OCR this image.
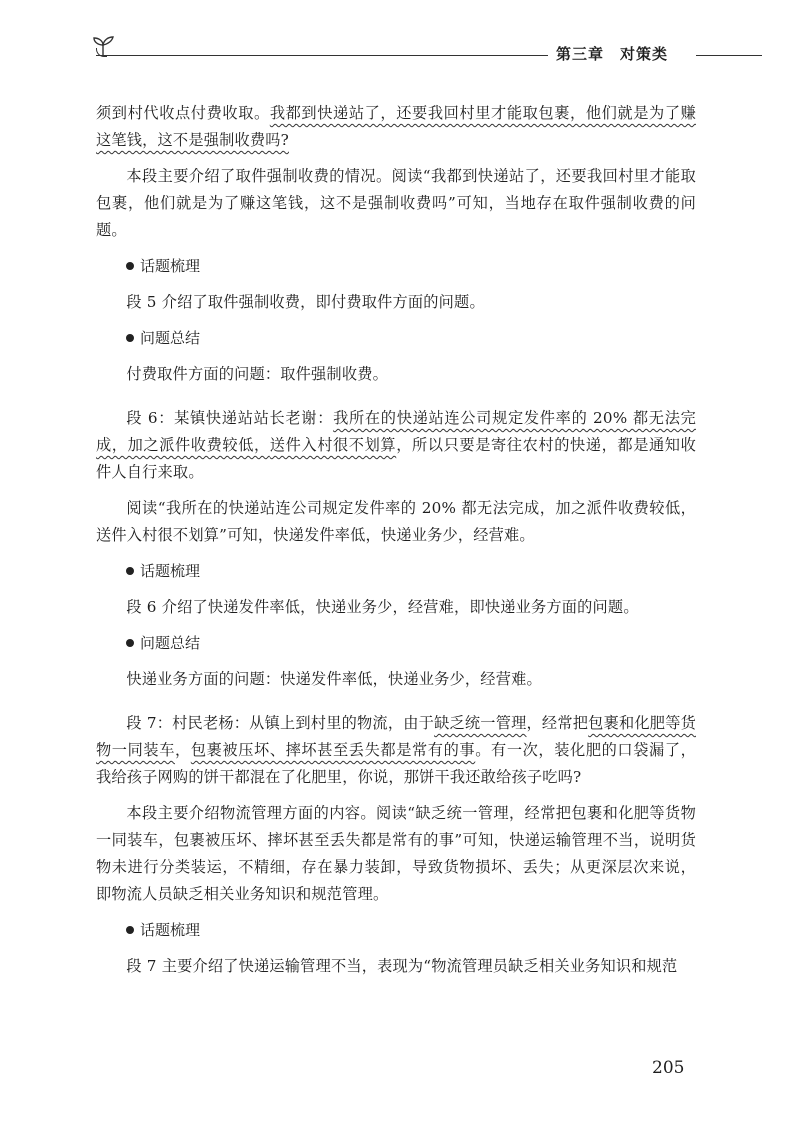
第三章　对策类

须到村代收点付费收取。我都到快递站了，还要我回村里才能取包裹，他们就是为了赚这笔钱，这不是强制收费吗?

本段主要介绍了取件强制收费的情况。阅读“我都到快递站了，还要我回村里才能取包裹，他们就是为了赚这笔钱，这不是强制收费吗”可知，当地存在取件强制收费的问题。

话题梳理

段 5 介绍了取件强制收费，即付费取件方面的问题。

问题总结

付费取件方面的问题：取件强制收费。

段 6：某镇快递站站长老谢：我所在的快递站连公司规定发件率的 20% 都无法完成，加之派件收费较低，送件入村很不划算，所以只要是寄往农村的快递，都是通知收件人自行来取。

阅读“我所在的快递站连公司规定发件率的 20% 都无法完成，加之派件收费较低，送件入村很不划算”可知，快递发件率低，快递业务少，经营难。

话题梳理

段 6 介绍了快递发件率低，快递业务少，经营难，即快递业务方面的问题。

问题总结

快递业务方面的问题：快递发件率低，快递业务少，经营难。

段 7：村民老杨：从镇上到村里的物流，由于缺乏统一管理，经常把包裹和化肥等货物一同装车，包裹被压坏、摔坏甚至丢失都是常有的事。有一次，装化肥的口袋漏了，我给孩子网购的饼干都混在了化肥里，你说，那饼干我还敢给孩子吃吗?

本段主要介绍物流管理方面的内容。阅读“缺乏统一管理，经常把包裹和化肥等货物一同装车，包裹被压坏、摔坏甚至丢失都是常有的事”可知，快递运输管理不当，说明货物未进行分类装运，不精细，存在暴力装卸，导致货物损坏、丢失；从更深层次来说，即物流人员缺乏相关业务知识和规范管理。

话题梳理

段 7 主要介绍了快递运输管理不当，表现为“物流管理员缺乏相关业务知识和规范

205
